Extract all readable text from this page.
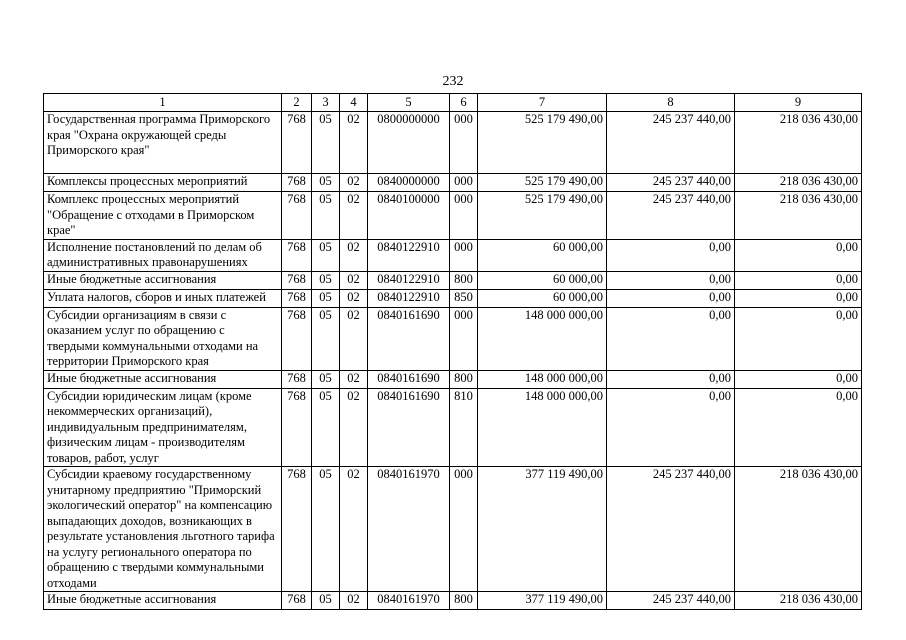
232
1	2	3	4	5	6	7	8	9
Государственная программа Приморского края "Охрана окружающей среды Приморского края"	768	05	02	0800000000	000	525 179 490,00	245 237 440,00	218 036 430,00
Комплексы процессных мероприятий	768	05	02	0840000000	000	525 179 490,00	245 237 440,00	218 036 430,00
Комплекс процессных мероприятий "Обращение с отходами в Приморском крае"	768	05	02	0840100000	000	525 179 490,00	245 237 440,00	218 036 430,00
Исполнение постановлений по делам об административных правонарушениях	768	05	02	0840122910	000	60 000,00	0,00	0,00
Иные бюджетные ассигнования	768	05	02	0840122910	800	60 000,00	0,00	0,00
Уплата налогов, сборов и иных платежей	768	05	02	0840122910	850	60 000,00	0,00	0,00
Субсидии организациям в связи с оказанием услуг по обращению с твердыми коммунальными отходами на территории Приморского края	768	05	02	0840161690	000	148 000 000,00	0,00	0,00
Иные бюджетные ассигнования	768	05	02	0840161690	800	148 000 000,00	0,00	0,00
Субсидии юридическим лицам (кроме некоммерческих организаций), индивидуальным предпринимателям, физическим лицам - производителям товаров, работ, услуг	768	05	02	0840161690	810	148 000 000,00	0,00	0,00
Субсидии краевому государственному унитарному предприятию "Приморский экологический оператор" на компенсацию выпадающих доходов, возникающих в результате установления льготного тарифа на услугу регионального оператора по обращению с твердыми коммунальными отходами	768	05	02	0840161970	000	377 119 490,00	245 237 440,00	218 036 430,00
Иные бюджетные ассигнования	768	05	02	0840161970	800	377 119 490,00	245 237 440,00	218 036 430,00
